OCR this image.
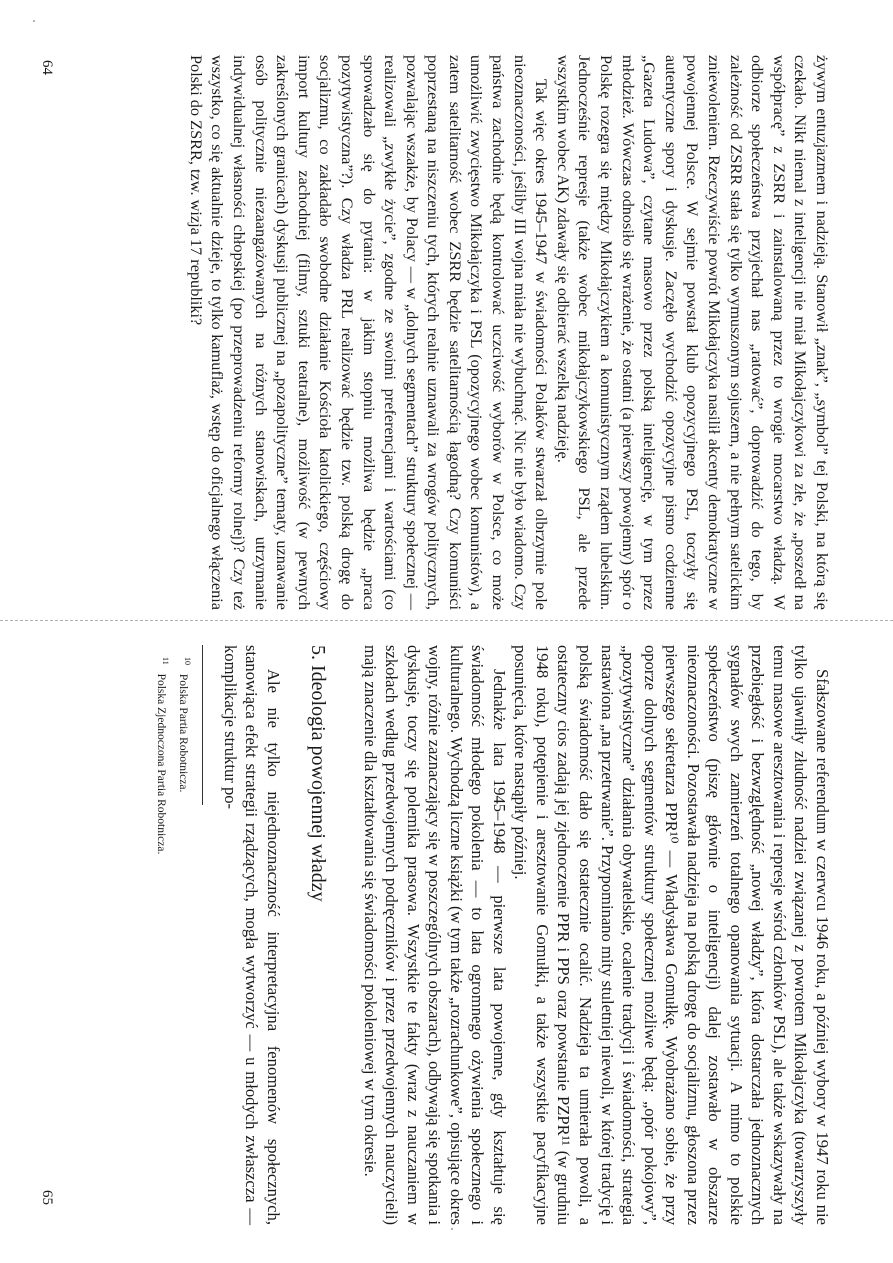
żywym entuzjazmem i nadzieją. Stanowił „znak”, „symbol” tej Polski, na którą się czekało. Nikt niemal z inteligencji nie miał Mikołajczykowi za złe, że „poszedł na współpracę” z ZSRR i zainstalowaną przez to wrogie mocarstwo władzą. W odbiorze społeczeństwa przyjechał nas „ratować”, doprowadzić do tego, by zależność od ZSRR stała się tylko wymuszonym sojuszem, a nie pełnym satelickim zniewoleniem. Rzeczywiście powrót Mikołajczyka nasilił akcenty demokratyczne w powojennej Polsce. W sejmie powstał klub opozycyjnego PSL, toczyły się autentyczne spory i dyskusje. Zaczęło wychodzić opozycyjne pismo codzienne „Gazeta Ludowa”, czytane masowo przez polską inteligencję, w tym przez młodzież. Wówczas odnosiło się wrażenie, że ostatni (a pierwszy powojenny) spór o Polskę rozegra się między Mikołajczykiem a komunistycznym rządem lubelskim. Jednocześnie represje (także wobec mikołajczykowskiego PSL, ale przede wszystkim wobec AK) zdawały się odbierać wszelką nadzieję.

Tak więc okres 1945–1947 w świadomości Polaków stwarzał olbrzymie pole nieoznaczoności, jeśliby III wojna miała nie wybuchnąć. Nic nie było wiadomo. Czy państwa zachodnie będą kontrolować uczciwość wyborów w Polsce, co może umożliwić zwycięstwo Mikołajczyka i PSL (opozycyjnego wobec komunistów), a zatem satelitarność wobec ZSRR będzie satelitarnością łagodną? Czy komuniści poprzestaną na niszczeniu tych, których realnie uznawali za wrogów politycznych, pozwalając wszakże, by Polacy — w „dolnych segmentach” struktury społecznej — realizowali „zwykłe życie”, zgodne ze swoimi preferencjami i wartościami (co sprowadzało się do pytania: w jakim stopniu możliwa będzie „praca pozytywistyczna”?). Czy władza PRL realizować będzie tzw. polską drogę do socjalizmu, co zakładało swobodne działanie Kościoła katolickiego, częściowy import kultury zachodniej (filmy, sztuki teatralne), możliwość (w pewnych zakreślonych granicach) dyskusji publicznej na „pozapolityczne” tematy, uznawanie osób politycznie niezaangażowanych na różnych stanowiskach, utrzymanie indywidualnej własności chłopskiej (po przeprowadzeniu reformy rolnej)? Czy też wszystko, co się aktualnie dzieje, to tylko kamuflaż, wstęp do oficjalnego włączenia Polski do ZSRR, tzw. wizja 17 republiki?

64

Sfałszowane referendum w czerwcu 1946 roku, a później wybory w 1947 roku nie tylko ujawniły złudność nadziei związanej z powrotem Mikołajczyka (towarzyszyły temu masowe aresztowania i represje wśród członków PSL), ale także wskazywały na przebiegłość i bezwzględność „nowej władzy”, która dostarczała jednoznacznych sygnałów swych zamierzeń totalnego opanowania sytuacji. A mimo to polskie społeczeństwo (piszę głównie o inteligencji) dalej zostawało w obszarze nieoznaczoności. Pozostawała nadzieja na polską drogę do socjalizmu, głoszona przez pierwszego sekretarza PPR¹⁰ — Władysława Gomułkę. Wyobrażano sobie, że przy oporze dolnych segmentów struktury społecznej możliwe będą: „opór pokojowy”, „pozytywistyczne” działania obywatelskie, ocalenie tradycji i świadomości, strategia nastawiona „na przetrwanie”. Przypominano mity stuletniej niewoli, w której tradycję i polską świadomość dało się ostatecznie ocalić. Nadzieja ta umierała powoli, a ostateczny cios zadają jej zjednoczenie PPR i PPS oraz powstanie PZPR¹¹ (w grudniu 1948 roku), potępienie i aresztowanie Gomułki, a także wszystkie pacyfikacyjne posunięcia, które nastąpiły później.

Jednakże lata 1945–1948 — pierwsze lata powojenne, gdy kształtuje się świadomość młodego pokolenia — to lata ogromnego ożywienia społecznego i kulturalnego. Wychodzą liczne książki (w tym także „rozrachunkowe”, opisujące okres wojny, różnie zaznaczający się w poszczególnych obszarach), odbywają się spotkania i dyskusje, toczy się polemika prasowa. Wszystkie te fakty (wraz z nauczaniem w szkołach według przedwojennych podręczników i przez przedwojennych nauczycieli) mają znaczenie dla kształtowania się świadomości pokoleniowej w tym okresie.

5. Ideologia powojennej władzy

Ale nie tylko niejednoznaczność interpretacyjna fenomenów społecznych, stanowiąca efekt strategii rządzących, mogła wytworzyć — u młodych zwłaszcza — komplikacje struktur po-

$^{10}$ Polska Partia Robotnicza.

$^{11}$ Polska Zjednoczona Partia Robotnicza.

65
